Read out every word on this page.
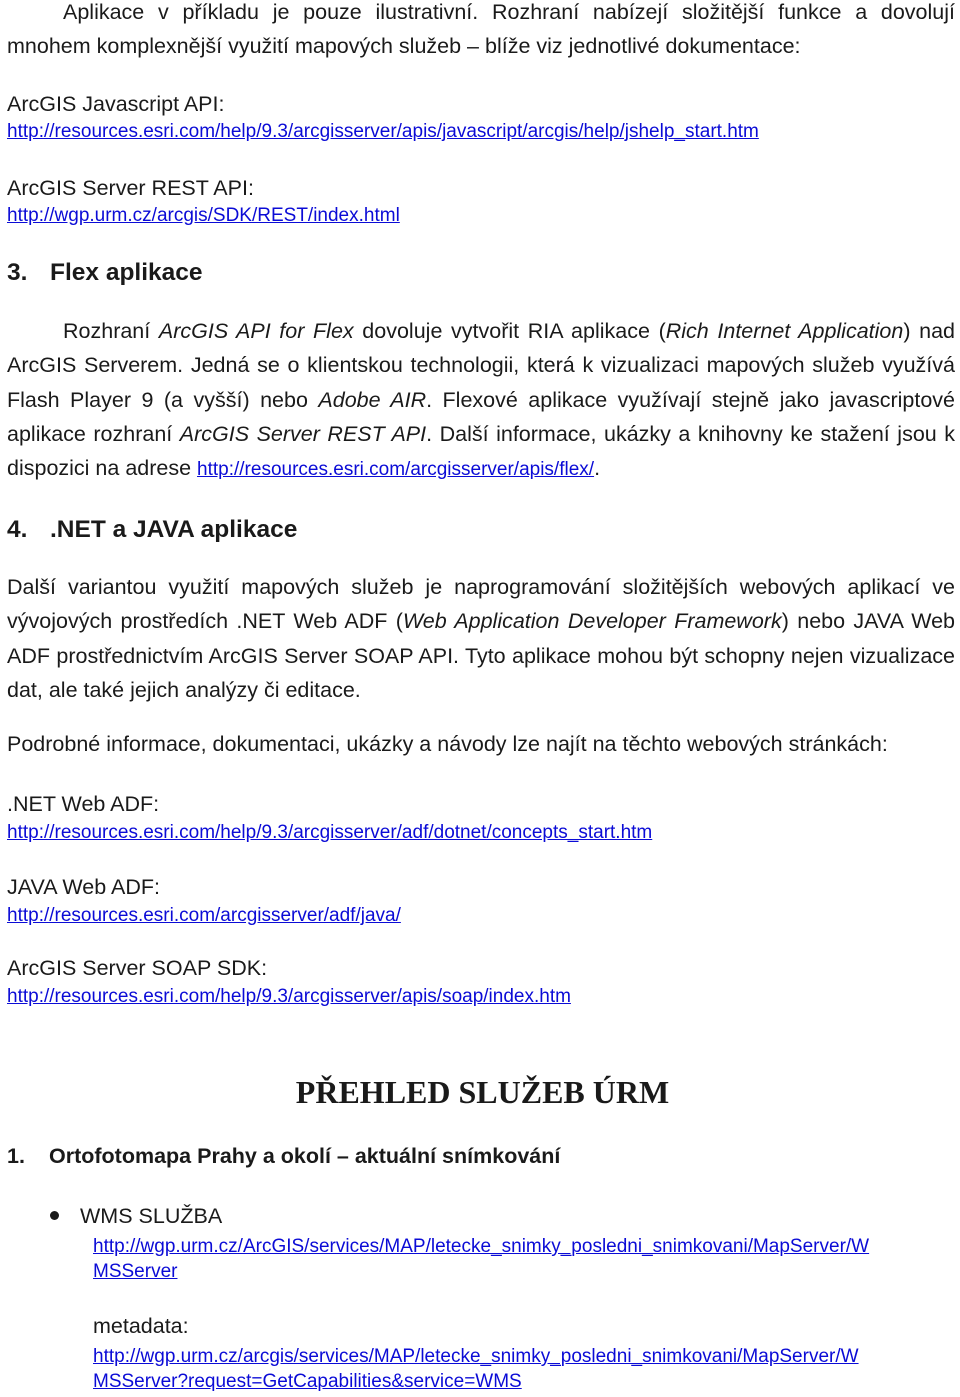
Aplikace v příkladu je pouze ilustrativní. Rozhraní nabízejí složitější funkce a dovolují mnohem komplexnější využití mapových služeb – blíže viz jednotlivé dokumentace:

ArcGIS Javascript API:

http://resources.esri.com/help/9.3/arcgisserver/apis/javascript/arcgis/help/jshelp_start.htm

ArcGIS Server REST API:

http://wgp.urm.cz/arcgis/SDK/REST/index.html

3. Flex aplikace

Rozhraní ArcGIS API for Flex dovoluje vytvořit RIA aplikace (Rich Internet Application) nad ArcGIS Serverem. Jedná se o klientskou technologii, která k vizualizaci mapových služeb využívá Flash Player 9 (a vyšší) nebo Adobe AIR. Flexové aplikace využívají stejně jako javascriptové aplikace rozhraní ArcGIS Server REST API. Další informace, ukázky a knihovny ke stažení jsou k dispozici na adrese http://resources.esri.com/arcgisserver/apis/flex/.

4. .NET a JAVA aplikace

Další variantou využití mapových služeb je naprogramování složitějších webových aplikací ve vývojových prostředích .NET Web ADF (Web Application Developer Framework) nebo JAVA Web ADF prostřednictvím ArcGIS Server SOAP API. Tyto aplikace mohou být schopny nejen vizualizace dat, ale také jejich analýzy či editace.

Podrobné informace, dokumentaci, ukázky a návody lze najít na těchto webových stránkách:

.NET Web ADF:

http://resources.esri.com/help/9.3/arcgisserver/adf/dotnet/concepts_start.htm

JAVA Web ADF:

http://resources.esri.com/arcgisserver/adf/java/

ArcGIS Server SOAP SDK:

http://resources.esri.com/help/9.3/arcgisserver/apis/soap/index.htm

PŘEHLED SLUŽEB ÚRM
1. Ortofotomapa Prahy a okolí – aktuální snímkování

WMS SLUŽBA

http://wgp.urm.cz/ArcGIS/services/MAP/letecke_snimky_posledni_snimkovani/MapServer/W

MSServer

metadata:

http://wgp.urm.cz/arcgis/services/MAP/letecke_snimky_posledni_snimkovani/MapServer/W

MSServer?request=GetCapabilities&service=WMS
